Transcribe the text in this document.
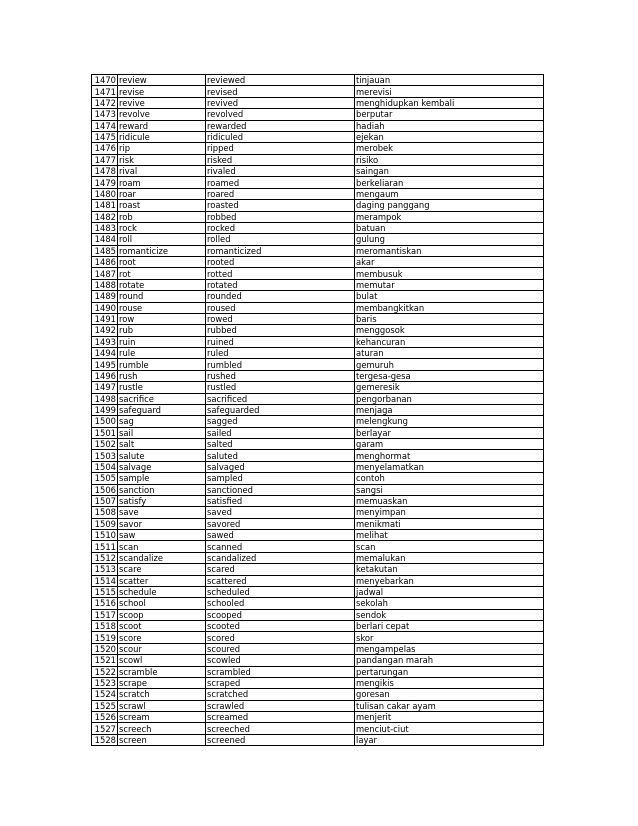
1470	review	reviewed	tinjauan
1471	revise	revised	merevisi
1472	revive	revived	menghidupkan kembali
1473	revolve	revolved	berputar
1474	reward	rewarded	hadiah
1475	ridicule	ridiculed	ejekan
1476	rip	ripped	merobek
1477	risk	risked	risiko
1478	rival	rivaled	saingan
1479	roam	roamed	berkeliaran
1480	roar	roared	mengaum
1481	roast	roasted	daging panggang
1482	rob	robbed	merampok
1483	rock	rocked	batuan
1484	roll	rolled	gulung
1485	romanticize	romanticized	meromantiskan
1486	root	rooted	akar
1487	rot	rotted	membusuk
1488	rotate	rotated	memutar
1489	round	rounded	bulat
1490	rouse	roused	membangkitkan
1491	row	rowed	baris
1492	rub	rubbed	menggosok
1493	ruin	ruined	kehancuran
1494	rule	ruled	aturan
1495	rumble	rumbled	gemuruh
1496	rush	rushed	tergesa-gesa
1497	rustle	rustled	gemeresik
1498	sacrifice	sacrificed	pengorbanan
1499	safeguard	safeguarded	menjaga
1500	sag	sagged	melengkung
1501	sail	sailed	berlayar
1502	salt	salted	garam
1503	salute	saluted	menghormat
1504	salvage	salvaged	menyelamatkan
1505	sample	sampled	contoh
1506	sanction	sanctioned	sangsi
1507	satisfy	satisfied	memuaskan
1508	save	saved	menyimpan
1509	savor	savored	menikmati
1510	saw	sawed	melihat
1511	scan	scanned	scan
1512	scandalize	scandalized	memalukan
1513	scare	scared	ketakutan
1514	scatter	scattered	menyebarkan
1515	schedule	scheduled	jadwal
1516	school	schooled	sekolah
1517	scoop	scooped	sendok
1518	scoot	scooted	berlari cepat
1519	score	scored	skor
1520	scour	scoured	mengampelas
1521	scowl	scowled	pandangan marah
1522	scramble	scrambled	pertarungan
1523	scrape	scraped	mengikis
1524	scratch	scratched	goresan
1525	scrawl	scrawled	tulisan cakar ayam
1526	scream	screamed	menjerit
1527	screech	screeched	menciut-ciut
1528	screen	screened	layar
